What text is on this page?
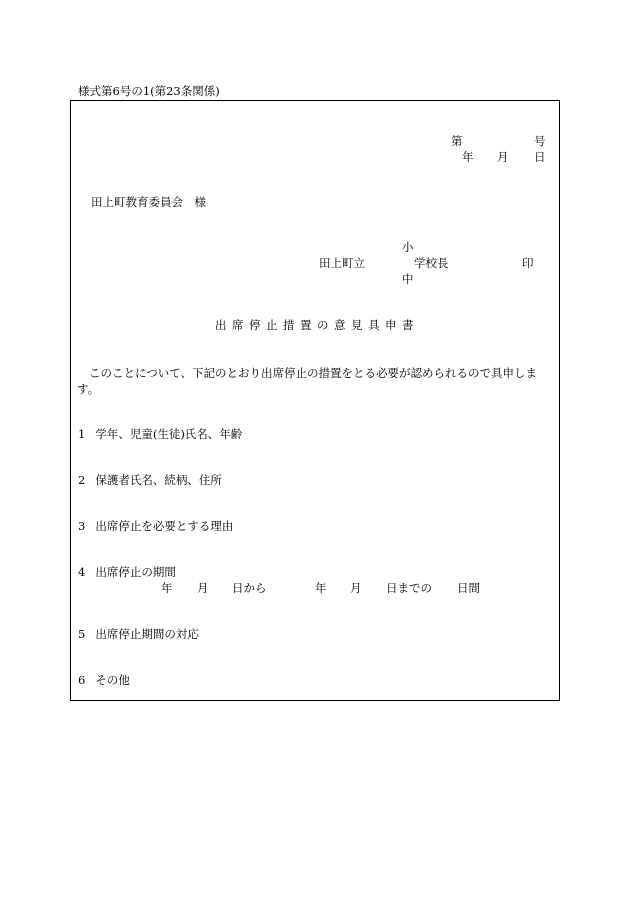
様式第6号の1(第23条関係)
第	号
年 月 日
田上町教育委員会　様
小
田上町立	学校長	印
中
出 席 停 止 措 置 の 意 見 具 申 書
このことについて、下記のとおり出席停止の措置をとる必要が認められるので具申します。
1 学年、児童(生徒)氏名、年齢
2 保護者氏名、続柄、住所
3 出席停止を必要とする理由
4 出席停止の期間
年 月 日から	年 月 日までの 日間
5 出席停止期間の対応
6 その他
